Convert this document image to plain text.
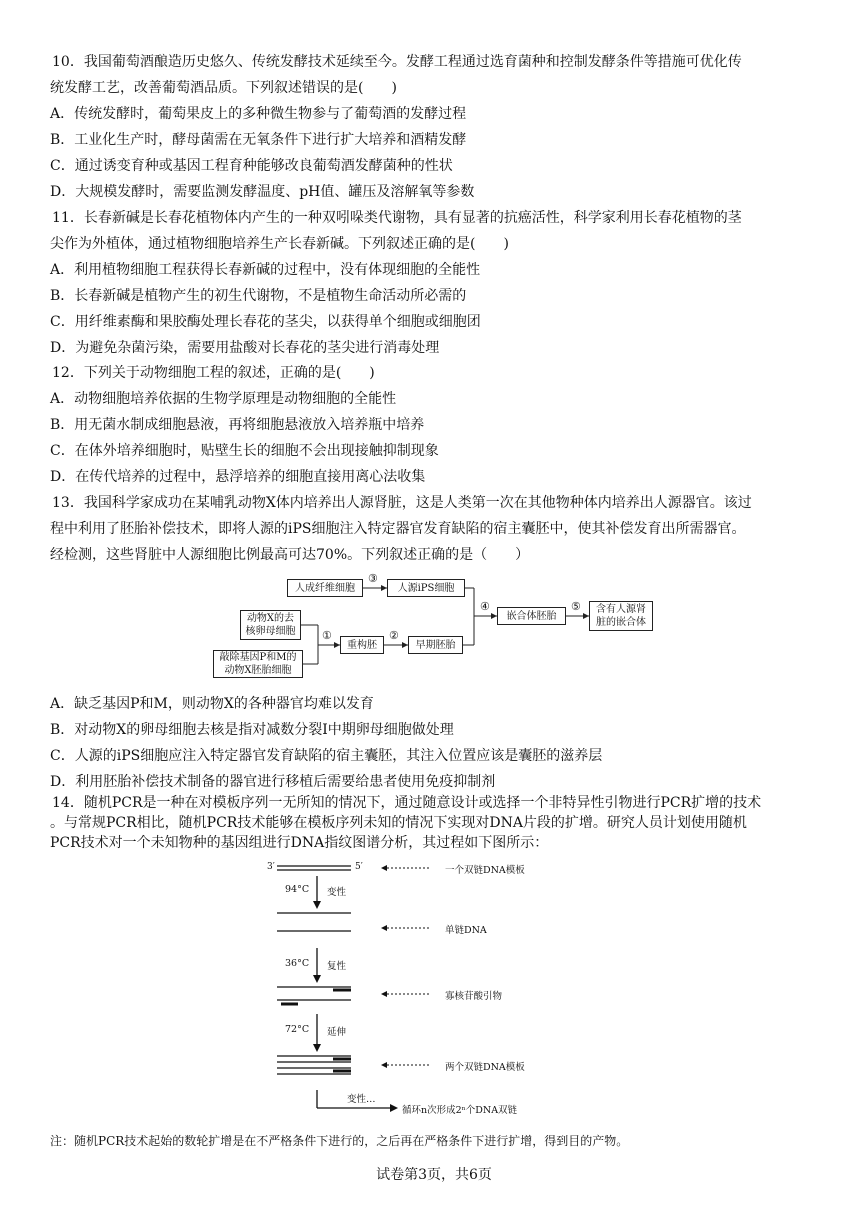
10．我国葡萄酒酿造历史悠久、传统发酵技术延续至今。发酵工程通过选育菌种和控制发酵条件等措施可优化传
统发酵工艺，改善葡萄酒品质。下列叙述错误的是(　　)
A．传统发酵时，葡萄果皮上的多种微生物参与了葡萄酒的发酵过程
B．工业化生产时，酵母菌需在无氧条件下进行扩大培养和酒精发酵
C．通过诱变育种或基因工程育种能够改良葡萄酒发酵菌种的性状
D．大规模发酵时，需要监测发酵温度、pH值、罐压及溶解氧等参数
11．长春新碱是长春花植物体内产生的一种双吲哚类代谢物，具有显著的抗癌活性，科学家利用长春花植物的茎
尖作为外植体，通过植物细胞培养生产长春新碱。下列叙述正确的是(　　)
A．利用植物细胞工程获得长春新碱的过程中，没有体现细胞的全能性
B．长春新碱是植物产生的初生代谢物，不是植物生命活动所必需的
C．用纤维素酶和果胶酶处理长春花的茎尖，以获得单个细胞或细胞团
D．为避免杂菌污染，需要用盐酸对长春花的茎尖进行消毒处理
12．下列关于动物细胞工程的叙述，正确的是(　　)
A．动物细胞培养依据的生物学原理是动物细胞的全能性
B．用无菌水制成细胞悬液，再将细胞悬液放入培养瓶中培养
C．在体外培养细胞时，贴壁生长的细胞不会出现接触抑制现象
D．在传代培养的过程中，悬浮培养的细胞直接用离心法收集
13．我国科学家成功在某哺乳动物X体内培养出人源肾脏，这是人类第一次在其他物种体内培养出人源器官。该过
程中利用了胚胎补偿技术，即将人源的iPS细胞注入特定器官发育缺陷的宿主囊胚中，使其补偿发育出所需器官。
经检测，这些肾脏中人源细胞比例最高可达70%。下列叙述正确的是（　　）
人成纤维细胞	人源iPS细胞
动物X的去
核卵母细胞
敲除基因P和M的
动物X胚胎细胞
重构胚	早期胚胎
嵌合体胚胎
含有人源肾
脏的嵌合体
③
①	②
④	⑤
A．缺乏基因P和M，则动物X的各种器官均难以发育
B．对动物X的卵母细胞去核是指对减数分裂Ⅰ中期卵母细胞做处理
C．人源的iPS细胞应注入特定器官发育缺陷的宿主囊胚，其注入位置应该是囊胚的滋养层
D．利用胚胎补偿技术制备的器官进行移植后需要给患者使用免疫抑制剂
14．随机PCR是一种在对模板序列一无所知的情况下，通过随意设计或选择一个非特异性引物进行PCR扩增的技术
。与常规PCR相比，随机PCR技术能够在模板序列未知的情况下实现对DNA片段的扩增。研究人员计划使用随机
PCR技术对一个未知物种的基因组进行DNA指纹图谱分析，其过程如下图所示：
3′	5′
94°C 变性
36°C 复性
72°C 延伸
一个双链DNA模板
单链DNA
寡核苷酸引物
两个双链DNA模板
变性…
循环n次形成2ⁿ个DNA双链
注：随机PCR技术起始的数轮扩增是在不严格条件下进行的，之后再在严格条件下进行扩增，得到目的产物。
试卷第3页，共6页
